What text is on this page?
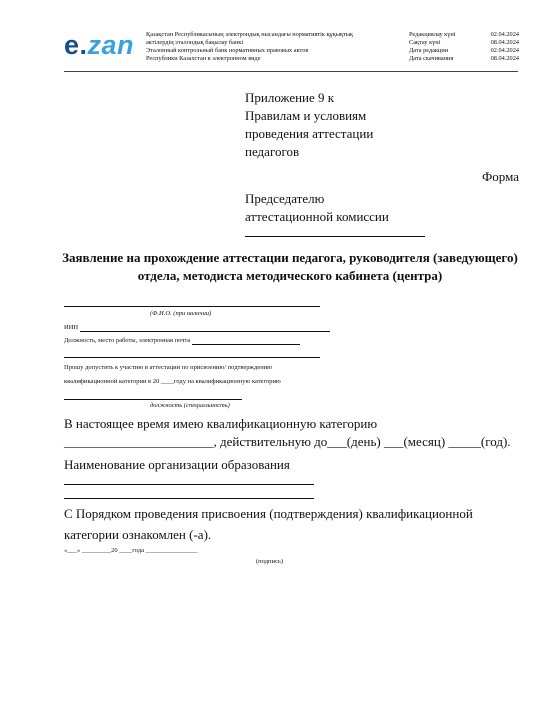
e.zan Қазақстан Республикасының электрондық нысандағы нормативтік құқықтық
актілердің эталондық бақылау банкі
Эталонный контрольный банк нормативных правовых актов
Республики Казахстан в электронном виде
Редакциялау күні	02.04.2024
Сақтау күні	08.04.2024
Дата редакции	02.04.2024
Дата скачивания	08.04.2024
Приложение 9 к
Правилам и условиям
проведения аттестации
педагогов
Форма
Председателю
аттестационной комиссии
Заявление на прохождение аттестации педагога, руководителя (заведующего)
отдела, методиста методического кабинета (центра)
(Ф.И.О. (при наличии)
ИИН
Должность, место работы, электронная почта
Прошу допустить к участию в аттестации по присвоению/ подтверждению
квалификационной категории в 20 ____году на квалификационную категорию
должность (специальность)
В настоящее время имею квалификационную категорию
_______________________, действительную до___(день) ___(месяц) _____(год).
Наименование организации образования
С Порядком проведения присвоения (подтверждения) квалификационной
категории ознакомлен (-а).
«___» _________20 ____года ________________
(подпись)
